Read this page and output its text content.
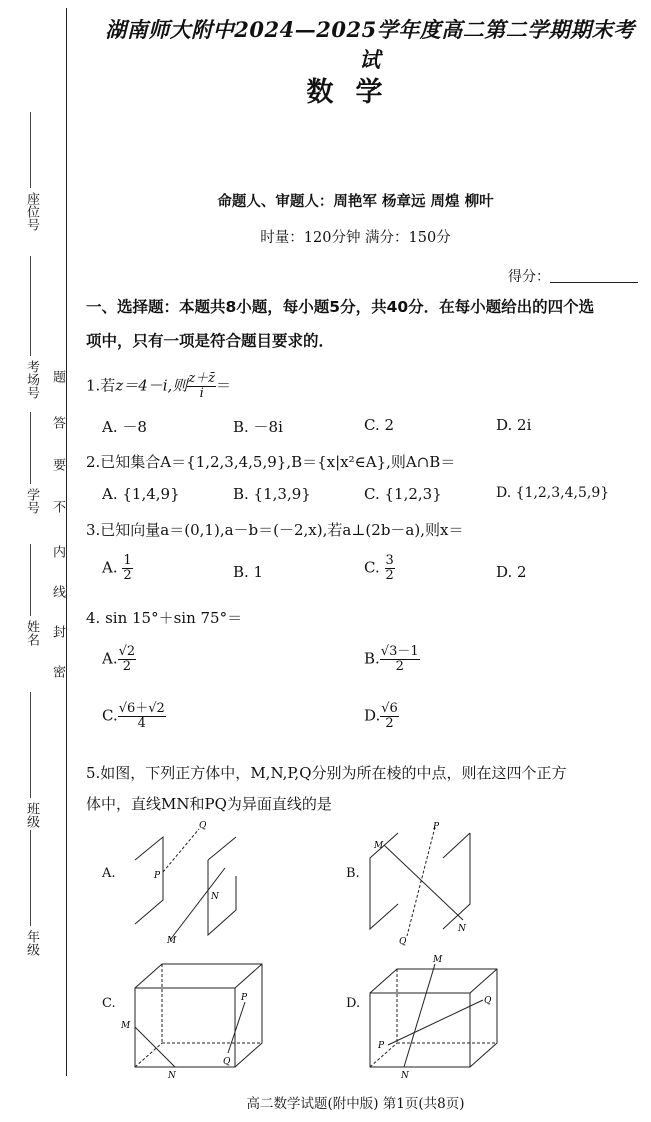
座位号
考场号
学号
姓名
班级
年级
密
封
线
内
不
要
答
题
湖南师大附中2024—2025学年度高二第二学期期末考试
数学
命题人、审题人：周艳军 杨章远 周煌 柳叶
时量：120分钟 满分：150分
得分：
一、选择题：本题共8小题，每小题5分，共40分．在每小题给出的四个选
项中，只有一项是符合题目要求的．
1.若z＝4－i,则 $\frac{z+z̄}{i}$ ＝
A. －8	B. －8i	C. 2	D. 2i
2.已知集合A＝{1,2,3,4,5,9},B＝{x|x²∈A},则A∩B＝
A. {1,4,9}	B. {1,3,9}	C. {1,2,3}	D. {1,2,3,4,5,9}
3.已知向量a＝(0,1),a－b＝(－2,x),若a⊥(2b－a),则x＝
A. $\frac{1}{2}$	B. 1	C. $\frac{3}{2}$	D. 2
4. sin 15°＋sin 75°＝
A. $\frac{√2}{2}$	B. $\frac{√3-1}{2}$
C. $\frac{√6+√2}{4}$	D. $\frac{√6}{2}$
5.如图，下列正方体中，M,N,P,Q分别为所在棱的中点，则在这四个正方
体中，直线MN和PQ为异面直线的是
A.	B.
C.	D.
Q
P
N
M
M
P
N
Q
M
N
P
Q
M
N
P
Q
高二数学试题(附中版) 第1页(共8页)
